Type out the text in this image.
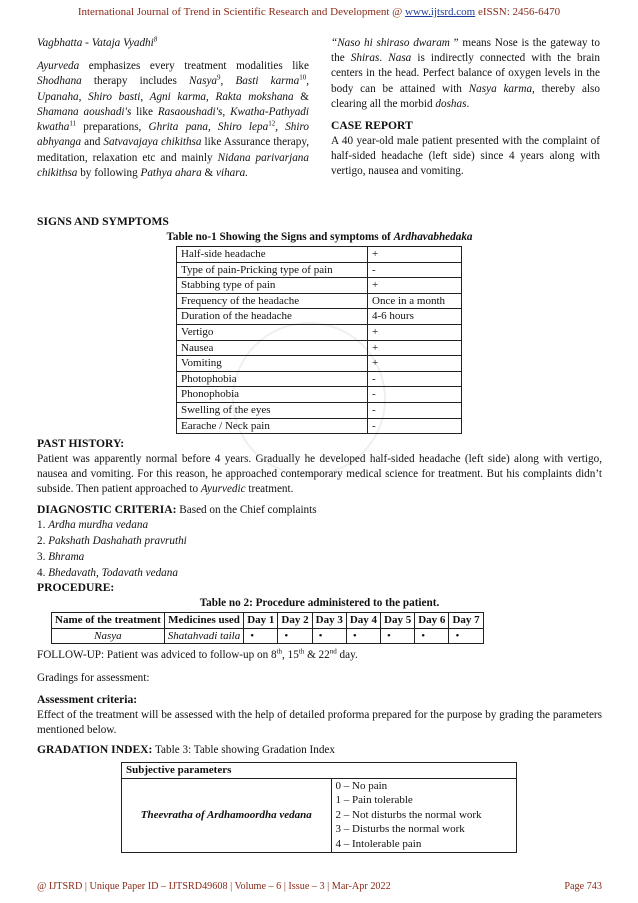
International Journal of Trend in Scientific Research and Development @ www.ijtsrd.com eISSN: 2456-6470
Vagbhatta - Vataja Vyadhi$^8$
Ayurveda emphasizes every treatment modalities like Shodhana therapy includes Nasya$^9$, Basti karma$^{10}$, Upanaha, Shiro basti, Agni karma, Rakta mokshana & Shamana aoushadi's like Rasaoushadi's, Kwatha-Pathyadi kwatha$^{11}$ preparations, Ghrita pana, Shiro lepa$^{12}$, Shiro abhyanga and Satvavajaya chikithsa like Assurance therapy, meditation, relaxation etc and mainly Nidana parivarjana chikithsa by following Pathya ahara & vihara.
“Naso hi shiraso dwaram ” means Nose is the gateway to the Shiras. Nasa is indirectly connected with the brain centers in the head. Perfect balance of oxygen levels in the body can be attained with Nasya karma, thereby also clearing all the morbid doshas.
CASE REPORT
A 40 year-old male patient presented with the complaint of half-sided headache (left side) since 4 years along with vertigo, nausea and vomiting.
SIGNS AND SYMPTOMS
Table no-1 Showing the Signs and symptoms of Ardhavabhedaka
Half-side headache	+
Type of pain-Pricking type of pain	-
Stabbing type of pain	+
Frequency of the headache	Once in a month
Duration of the headache	4-6 hours
Vertigo	+
Nausea	+
Vomiting	+
Photophobia	-
Phonophobia	-
Swelling of the eyes	-
Earache / Neck pain	-
PAST HISTORY:
Patient was apparently normal before 4 years. Gradually he developed half-sided headache (left side) along with vertigo, nausea and vomiting. For this reason, he approached contemporary medical science for treatment. But his complaints didn’t subside. Then patient approached to Ayurvedic treatment.
DIAGNOSTIC CRITERIA: Based on the Chief complaints
1. Ardha murdha vedana
2. Pakshath Dashahath pravruthi
3. Bhrama
4. Bhedavath, Todavath vedana
PROCEDURE:
Table no 2: Procedure administered to the patient.
Name of the treatment	Medicines used	Day 1	Day 2	Day 3	Day 4	Day 5	Day 6	Day 7
Nasya	Shatahvadi taila	•	•	•	•	•	•	•
FOLLOW-UP: Patient was adviced to follow-up on 8th, 15th & 22nd day.
Gradings for assessment:
Assessment criteria:
Effect of the treatment will be assessed with the help of detailed proforma prepared for the purpose by grading the parameters mentioned below.
GRADATION INDEX: Table 3: Table showing Gradation Index
Subjective parameters
Theevratha of Ardhamoordha vedana	
0 – No pain
1 – Pain tolerable
2 – Not disturbs the normal work
3 – Disturbs the normal work
4 – Intolerable pain
@ IJTSRD | Unique Paper ID – IJTSRD49608 | Volume – 6 | Issue – 3 | Mar-Apr 2022	Page 743
